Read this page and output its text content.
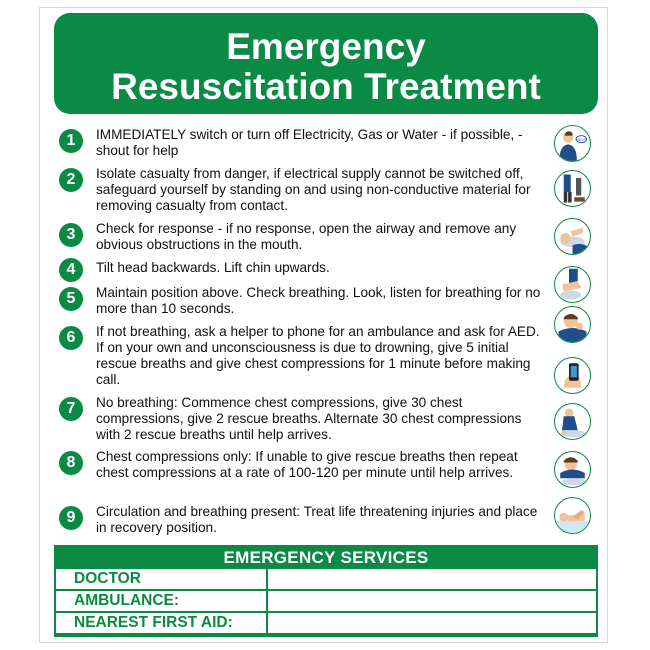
Emergency
Resuscitation Treatment
1	IMMEDIATELY switch or turn off Electricity, Gas or Water - if possible, - shout for help
HELP
2	Isolate casualty from danger, if electrical supply cannot be switched off, safeguard yourself by standing on and using non-conductive material for removing casualty from contact.
3	Check for response - if no response, open the airway and remove any obvious obstructions in the mouth.
4	Tilt head backwards. Lift chin upwards.
5	Maintain position above. Check breathing. Look, listen for breathing for no more than 10 seconds.
6	If not breathing, ask a helper to phone for an ambulance and ask for AED. If on your own and unconsciousness is due to drowning, give 5 initial rescue breaths and give chest compressions for 1 minute before making call.
7	No breathing: Commence chest compressions, give 30 chest compressions, give 2 rescue breaths. Alternate 30 chest compressions with 2 rescue breaths until help arrives.
8	Chest compressions only: If unable to give rescue breaths then repeat chest compressions at a rate of 100-120 per minute until help arrives.
9	Circulation and breathing present: Treat life threatening injuries and place in recovery position.
EMERGENCY SERVICES
DOCTOR
AMBULANCE:
NEAREST FIRST AID:
